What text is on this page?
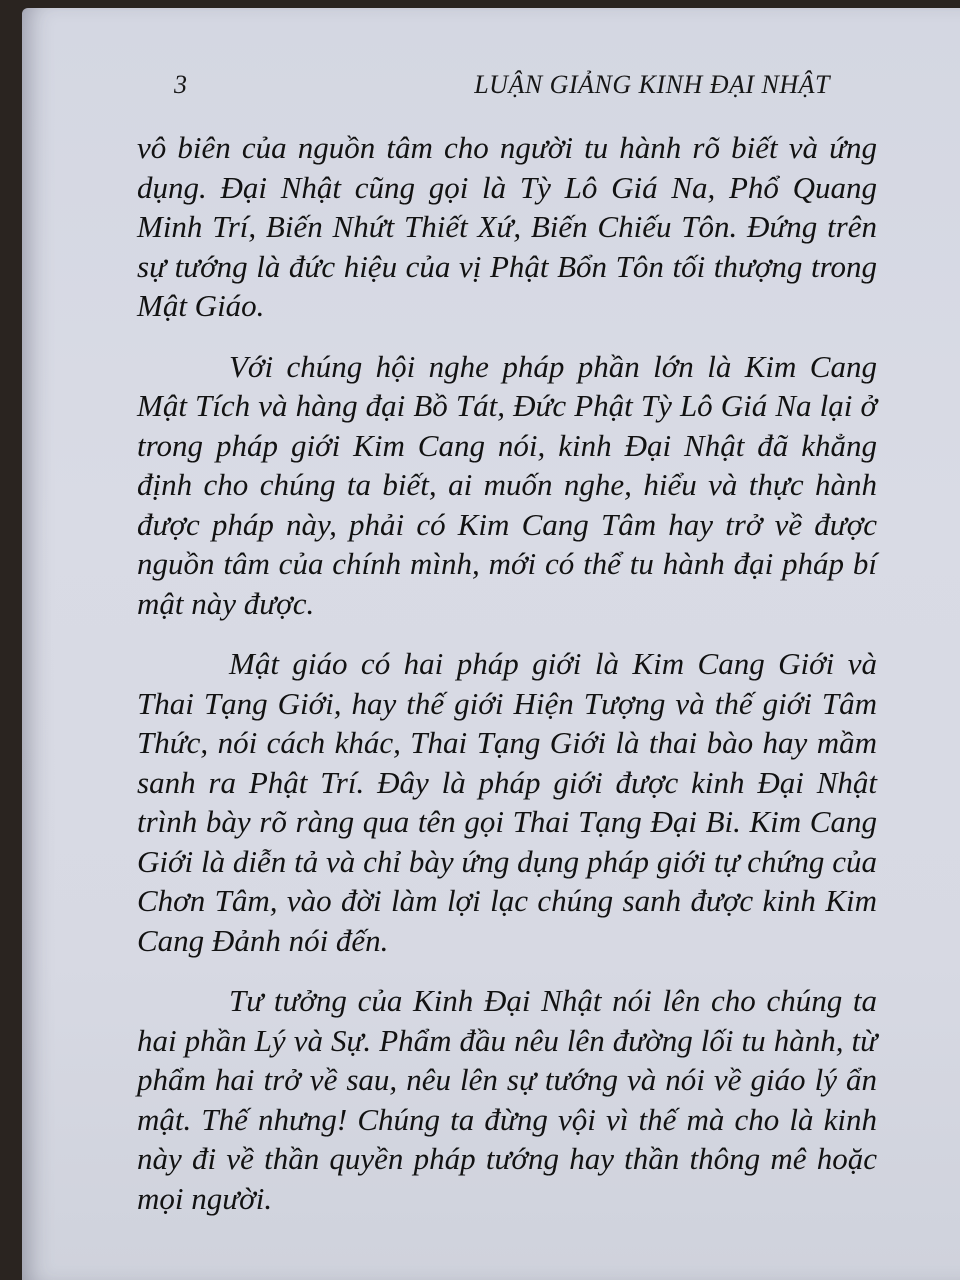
3	LUẬN GIẢNG KINH ĐẠI NHẬT

vô biên của nguồn tâm cho người tu hành rõ biết và ứng dụng. Đại Nhật cũng gọi là Tỳ Lô Giá Na, Phổ Quang Minh Trí, Biến Nhứt Thiết Xứ, Biến Chiếu Tôn. Đứng trên sự tướng là đức hiệu của vị Phật Bổn Tôn tối thượng trong Mật Giáo.

Với chúng hội nghe pháp phần lớn là Kim Cang Mật Tích và hàng đại Bồ Tát, Đức Phật Tỳ Lô Giá Na lại ở trong pháp giới Kim Cang nói, kinh Đại Nhật đã khẳng định cho chúng ta biết, ai muốn nghe, hiểu và thực hành được pháp này, phải có Kim Cang Tâm hay trở về được nguồn tâm của chính mình, mới có thể tu hành đại pháp bí mật này được.

Mật giáo có hai pháp giới là Kim Cang Giới và Thai Tạng Giới, hay thế giới Hiện Tượng và thế giới Tâm Thức, nói cách khác, Thai Tạng Giới là thai bào hay mầm sanh ra Phật Trí. Đây là pháp giới được kinh Đại Nhật trình bày rõ ràng qua tên gọi Thai Tạng Đại Bi. Kim Cang Giới là diễn tả và chỉ bày ứng dụng pháp giới tự chứng của Chơn Tâm, vào đời làm lợi lạc chúng sanh được kinh Kim Cang Đảnh nói đến.

Tư tưởng của Kinh Đại Nhật nói lên cho chúng ta hai phần Lý và Sự. Phẩm đầu nêu lên đường lối tu hành, từ phẩm hai trở về sau, nêu lên sự tướng và nói về giáo lý ẩn mật. Thế nhưng! Chúng ta đừng vội vì thế mà cho là kinh này đi về thần quyền pháp tướng hay thần thông mê hoặc mọi người.
